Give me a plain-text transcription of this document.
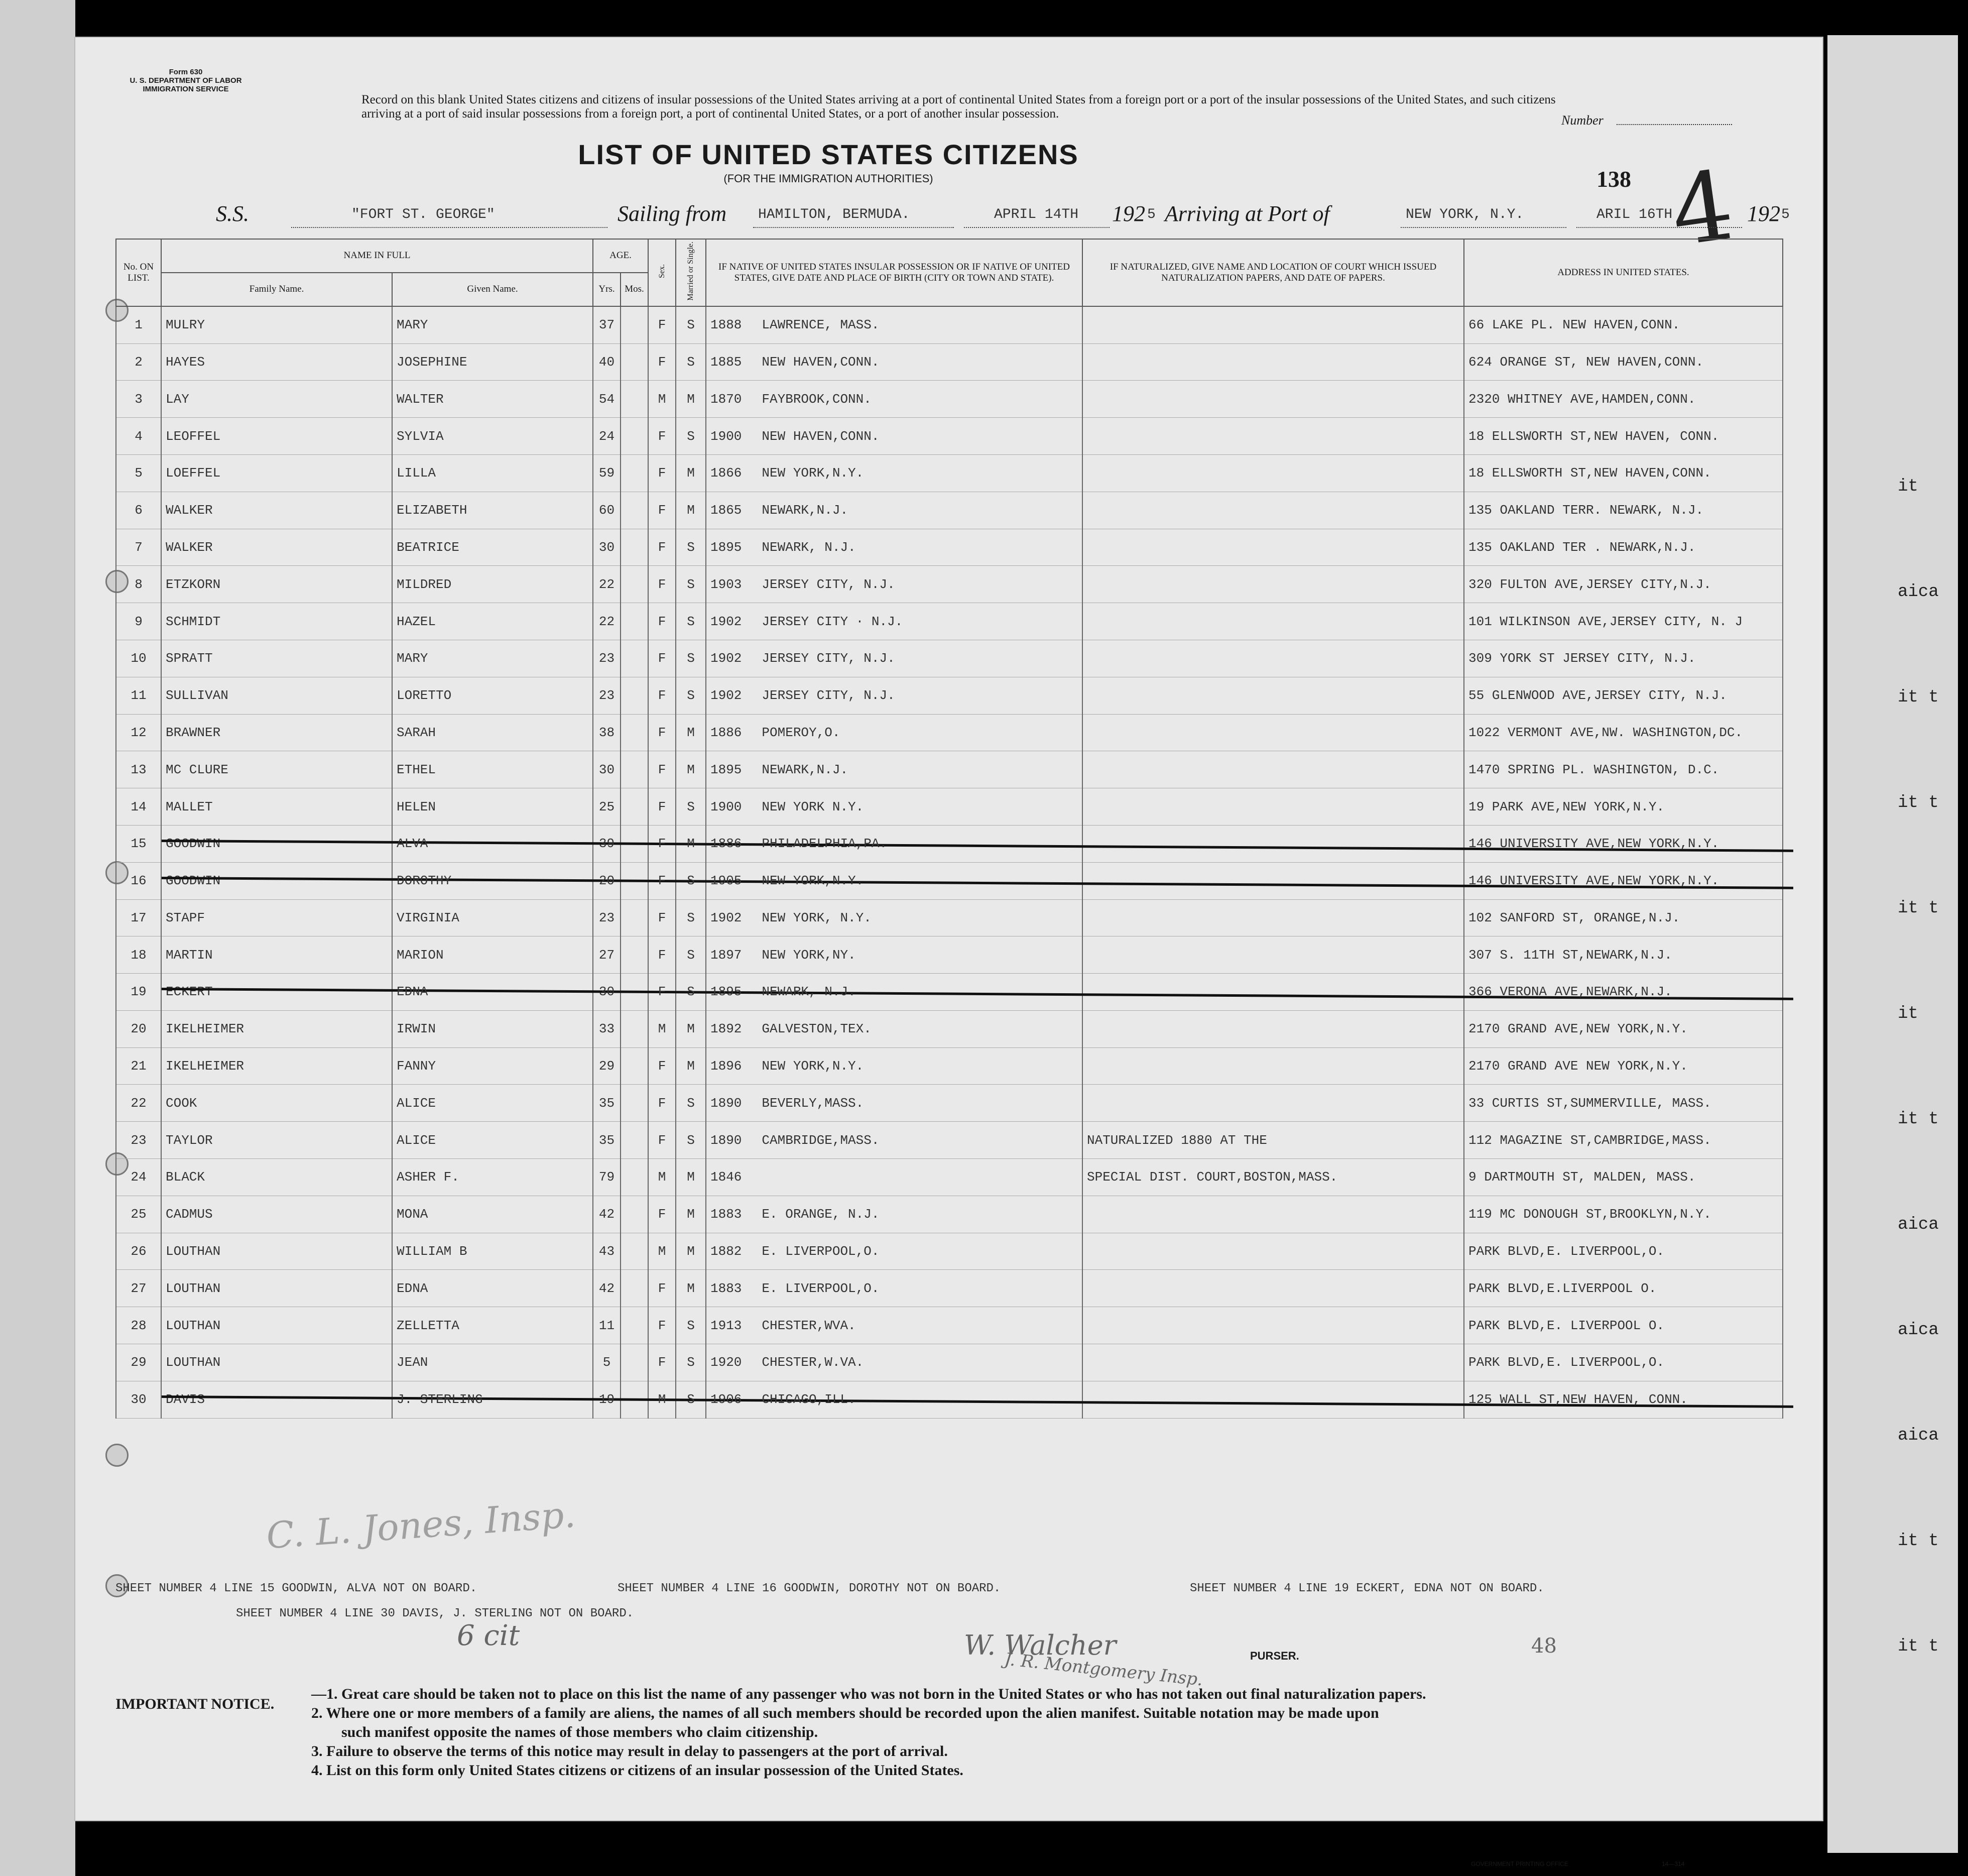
it
aica
it t
it t
it t
it
it t
aica
aica
aica
it t
it t
Form 630
U. S. DEPARTMENT OF LABOR
IMMIGRATION SERVICE
Record on this blank United States citizens and citizens of insular possessions of the United States arriving at a port of continental United States from a foreign port or a port of the insular possessions of the United States, and such citizens arriving at a port of said insular possessions from a foreign port, a port of continental United States, or a port of another insular possession.	Number
LIST OF UNITED STATES CITIZENS
(FOR THE IMMIGRATION AUTHORITIES)	138 4
S.S.	"FORT ST. GEORGE"	Sailing from HAMILTON, BERMUDA.	APRIL 14TH 192 5 Arriving at Port of	NEW YORK, N.Y.	ARIL 16TH	192 5
No. ON LIST.	NAME IN FULL		AGE.		Sex.	Married or Single.	IF NATIVE OF UNITED STATES INSULAR POSSESSION OR IF NATIVE OF UNITED STATES, GIVE DATE AND PLACE OF BIRTH (CITY OR TOWN AND STATE).	IF NATURALIZED, GIVE NAME AND LOCATION OF COURT WHICH ISSUED NATURALIZATION PAPERS, AND DATE OF PAPERS.	ADDRESS IN UNITED STATES.
	Family Name.	Given Name.	Yrs.	Mos.					
1	MULRY	MARY	37		F	S	1888 LAWRENCE, MASS.		66 LAKE PL. NEW HAVEN,CONN.
2	HAYES	JOSEPHINE	40		F	S	1885 NEW HAVEN,CONN.		624 ORANGE ST, NEW HAVEN,CONN.
3	LAY	WALTER	54		M	M	1870 FAYBROOK,CONN.		2320 WHITNEY AVE,HAMDEN,CONN.
4	LEOFFEL	SYLVIA	24		F	S	1900 NEW HAVEN,CONN.		18 ELLSWORTH ST,NEW HAVEN, CONN.
5	LOEFFEL	LILLA	59		F	M	1866 NEW YORK,N.Y.		18 ELLSWORTH ST,NEW HAVEN,CONN.
6	WALKER	ELIZABETH	60		F	M	1865 NEWARK,N.J.		135 OAKLAND TERR. NEWARK, N.J.
7	WALKER	BEATRICE	30		F	S	1895 NEWARK, N.J.		135 OAKLAND TER . NEWARK,N.J.
8	ETZKORN	MILDRED	22		F	S	1903 JERSEY CITY, N.J.		320 FULTON AVE,JERSEY CITY,N.J.
9	SCHMIDT	HAZEL	22		F	S	1902 JERSEY CITY · N.J.		101 WILKINSON AVE,JERSEY CITY, N. J
10	SPRATT	MARY	23		F	S	1902 JERSEY CITY, N.J.		309 YORK ST JERSEY CITY, N.J.
11	SULLIVAN	LORETTO	23		F	S	1902 JERSEY CITY, N.J.		55 GLENWOOD AVE,JERSEY CITY, N.J.
12	BRAWNER	SARAH	38		F	M	1886 POMEROY,O.		1022 VERMONT AVE,NW. WASHINGTON,DC.
13	MC CLURE	ETHEL	30		F	M	1895 NEWARK,N.J.		1470 SPRING PL. WASHINGTON, D.C.
14	MALLET	HELEN	25		F	S	1900 NEW YORK N.Y.		19 PARK AVE,NEW YORK,N.Y.
15	GOODWIN	ALVA	39		F	M	1886 PHILADELPHIA,PA.		146 UNIVERSITY AVE,NEW YORK,N.Y.
16	GOODWIN	DOROTHY	20		F	S	1905 NEW YORK,N.Y.		146 UNIVERSITY AVE,NEW YORK,N.Y.
17	STAPF	VIRGINIA	23		F	S	1902 NEW YORK, N.Y.		102 SANFORD ST, ORANGE,N.J.
18	MARTIN	MARION	27		F	S	1897 NEW YORK,NY.		307 S. 11TH ST,NEWARK,N.J.
19	ECKERT	EDNA	30		F	S	1895 NEWARK, N.J.		366 VERONA AVE,NEWARK,N.J.
20	IKELHEIMER	IRWIN	33		M	M	1892 GALVESTON,TEX.		2170 GRAND AVE,NEW YORK,N.Y.
21	IKELHEIMER	FANNY	29		F	M	1896 NEW YORK,N.Y.		2170 GRAND AVE NEW YORK,N.Y.
22	COOK	ALICE	35		F	S	1890 BEVERLY,MASS.		33 CURTIS ST,SUMMERVILLE, MASS.
23	TAYLOR	ALICE	35		F	S	1890 CAMBRIDGE,MASS.	NATURALIZED 1880 AT THE	112 MAGAZINE ST,CAMBRIDGE,MASS.
24	BLACK	ASHER F.	79		M	M	1846	SPECIAL DIST. COURT,BOSTON,MASS.	9 DARTMOUTH ST, MALDEN, MASS.
25	CADMUS	MONA	42		F	M	1883 E. ORANGE, N.J.		119 MC DONOUGH ST,BROOKLYN,N.Y.
26	LOUTHAN	WILLIAM B	43		M	M	1882 E. LIVERPOOL,O.		PARK BLVD,E. LIVERPOOL,O.
27	LOUTHAN	EDNA	42		F	M	1883 E. LIVERPOOL,O.		PARK BLVD,E.LIVERPOOL O.
28	LOUTHAN	ZELLETTA	11		F	S	1913 CHESTER,WVA.		PARK BLVD,E. LIVERPOOL O.
29	LOUTHAN	JEAN	5		F	S	1920 CHESTER,W.VA.		PARK BLVD,E. LIVERPOOL,O.
30	DAVIS	J. STERLING	19		M	S	1906 CHICAGO,ILL.		125 WALL ST,NEW HAVEN, CONN.
SHEET NUMBER 4 LINE 15 GOODWIN, ALVA NOT ON BOARD.	SHEET NUMBER 4 LINE 16 GOODWIN, DOROTHY NOT ON BOARD.	SHEET NUMBER 4 LINE 19 ECKERT, EDNA NOT ON BOARD.
SHEET NUMBER 4 LINE 30 DAVIS, J. STERLING NOT ON BOARD.
C. L. Jones, Insp.
6 cit	W. Walcher
J. R. Montgomery Insp.	PURSER.	48
IMPORTANT NOTICE.
—1. Great care should be taken not to place on this list the name of any passenger who was not born in the United States or who has not taken out final naturalization papers.
2. Where one or more members of a family are aliens, the names of all such members should be recorded upon the alien manifest. Suitable notation may be made upon
such manifest opposite the names of those members who claim citizenship.
3. Failure to observe the terms of this notice may result in delay to passengers at the port of arrival.
4. List on this form only United States citizens or citizens of an insular possession of the United States.
GOVERNMENT PRINTING OFFICE	14—314
